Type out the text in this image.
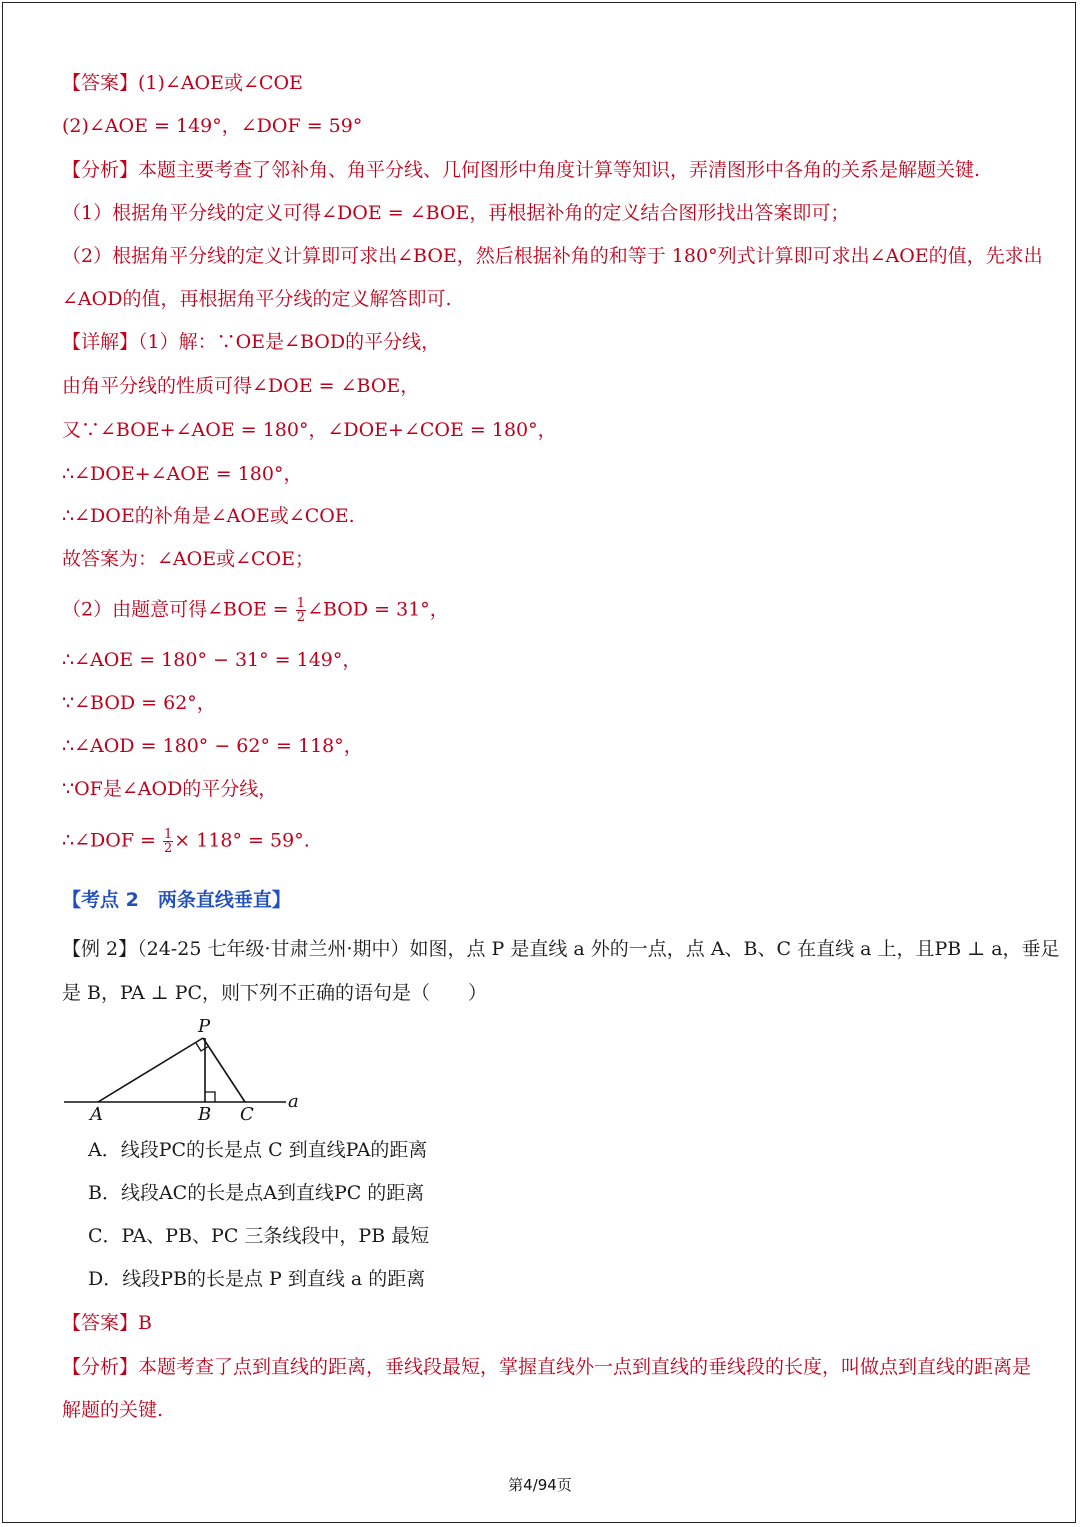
【答案】(1)∠AOE或∠COE
(2)∠AOE = 149°，∠DOF = 59°
【分析】本题主要考查了邻补角、角平分线、几何图形中角度计算等知识，弄清图形中各角的关系是解题关键.
（1）根据角平分线的定义可得∠DOE = ∠BOE，再根据补角的定义结合图形找出答案即可；
（2）根据角平分线的定义计算即可求出∠BOE，然后根据补角的和等于 180°列式计算即可求出∠AOE的值，先求出
∠AOD的值，再根据角平分线的定义解答即可.
【详解】（1）解：∵OE是∠BOD的平分线，
由角平分线的性质可得∠DOE = ∠BOE，
又∵∠BOE+∠AOE = 180°，∠DOE+∠COE = 180°，
∴∠DOE+∠AOE = 180°，
∴∠DOE的补角是∠AOE或∠COE.
故答案为：∠AOE或∠COE；
（2）由题意可得∠BOE = $\frac{1}{2}$ ∠BOD = 31°，
∴∠AOE = 180° − 31° = 149°，
∵∠BOD = 62°，
∴∠AOD = 180° − 62° = 118°，
∵OF是∠AOD的平分线，
∴∠DOF = $\frac{1}{2} \times 118^\circ = 59^\circ$.
【考点 2　两条直线垂直】
【例 2】（24-25 七年级·甘肃兰州·期中）如图，点 P 是直线 a 外的一点，点 A、B、C 在直线 a 上，且PB ⊥ a，垂足
是 B，PA ⊥ PC，则下列不正确的语句是（　　）
P
A	B C
a
A．线段PC的长是点 C 到直线PA的距离
B．线段AC的长是点A到直线PC 的距离
C．PA、PB、PC 三条线段中，PB 最短
D．线段PB的长是点 P 到直线 a 的距离
【答案】B
【分析】本题考查了点到直线的距离，垂线段最短，掌握直线外一点到直线的垂线段的长度，叫做点到直线的距离是
解题的关键.
第4/94页
